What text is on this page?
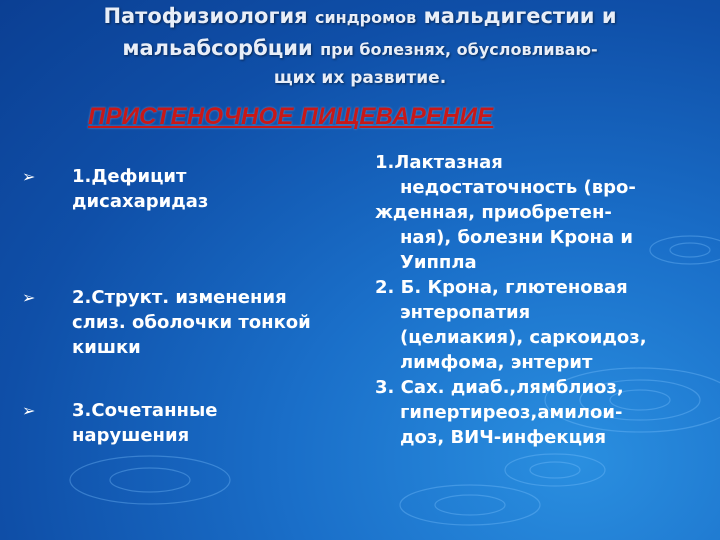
Патофизиология синдромов мальдигестии и
мальабсорбции при болезнях, обусловливаю-
щих их развитие.
ПРИСТЕНОЧНОЕ ПИЩЕВАРЕНИЕ
➢ 1.Дефицит
дисахаридаз
➢ 2.Структ. изменения
слиз. оболочки тонкой
кишки
➢ 3.Сочетанные
нарушения
1.Лактазная
недостаточность (вро-
жденная, приобретен-
ная), болезни Крона и
Уиппла
2. Б. Крона, глютеновая
энтеропатия
(целиакия), саркоидоз,
лимфома, энтерит
3. Сах. диаб.,лямблиоз,
гипертиреоз,амилои-
доз, ВИЧ-инфекция
